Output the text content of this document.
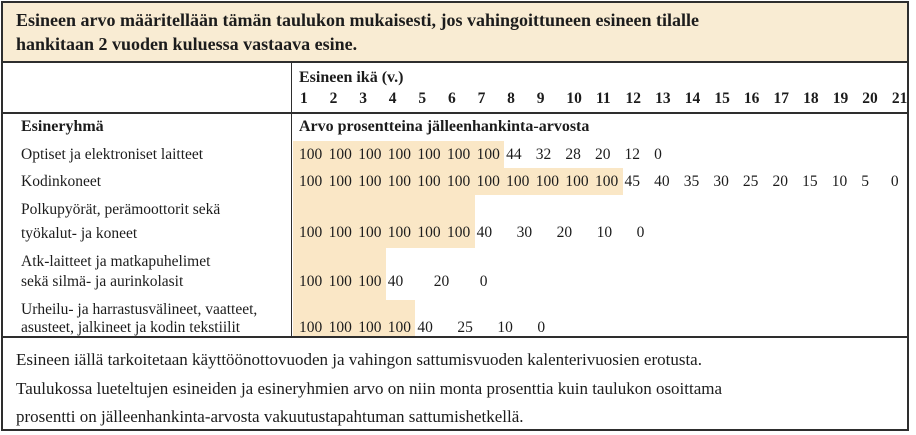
Esineen arvo määritellään tämän taulukon mukaisesti, jos vahingoittuneen esineen tilalle
hankitaan 2 vuoden kuluessa vastaava esine.
Esineen ikä (v.)
1	2	3	4	5	6	7	8	9	10 11 12 13 14 15 16 17 18 19 20 21
Esineryhmä	Arvo prosentteina jälleenhankinta-arvosta
Optiset ja elektroniset laitteet	100 100 100 100 100 100 100 44 32 28 20 12 0
Kodinkoneet	100 100 100 100 100 100 100 100 100 100 100 45 40 35 30 25 20 15 10 5	0
Polkupyörät, perämoottorit sekä
työkalut- ja koneet	100 100 100 100 100 100 40	30	20	10	0
Atk-laitteet ja matkapuhelimet
sekä silmä- ja aurinkolasit	100 100 100 40	20	0
Urheilu- ja harrastusvälineet, vaatteet,
asusteet, jalkineet ja kodin tekstiilit	100 100 100 100 40	25	10	0
Esineen iällä tarkoitetaan käyttöönottovuoden ja vahingon sattumisvuoden kalenterivuosien erotusta.
Taulukossa lueteltujen esineiden ja esineryhmien arvo on niin monta prosenttia kuin taulukon osoittama
prosentti on jälleenhankinta-arvosta vakuutustapahtuman sattumishetkellä.
